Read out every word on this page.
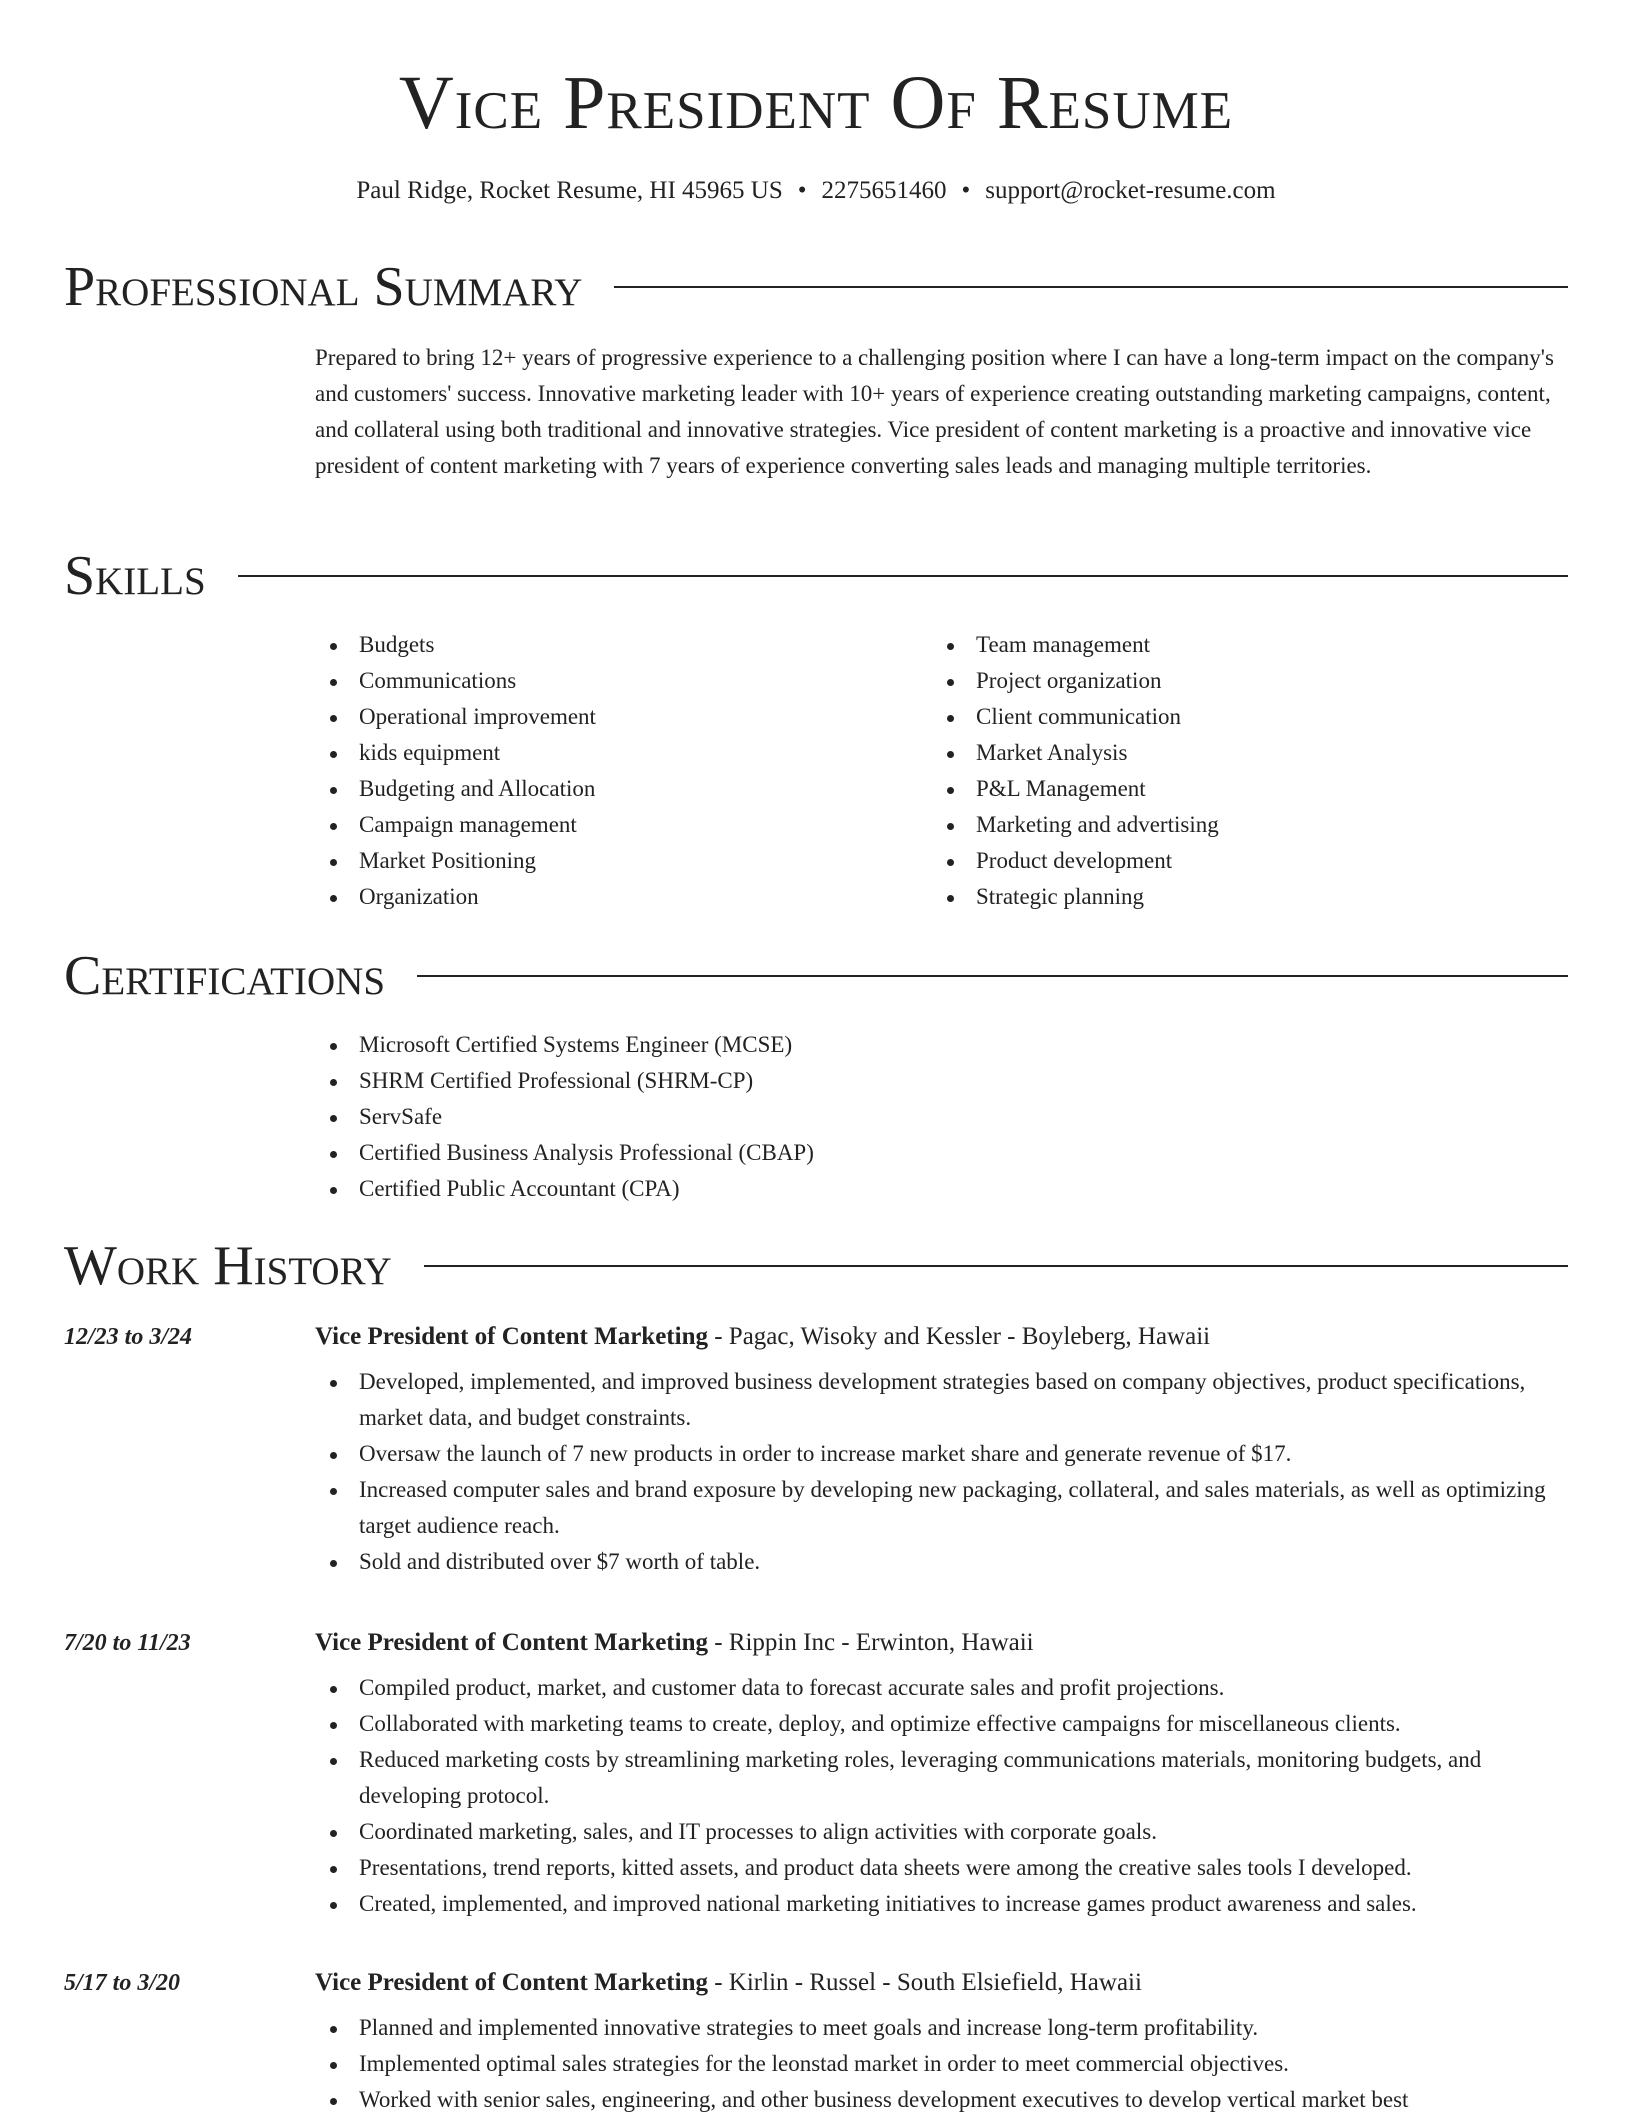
Vice President Of Resume
Paul Ridge, Rocket Resume, HI 45965 US • 2275651460 • support@rocket-resume.com
Professional Summary
Prepared to bring 12+ years of progressive experience to a challenging position where I can have a long-term impact on the company's and customers' success. Innovative marketing leader with 10+ years of experience creating outstanding marketing campaigns, content, and collateral using both traditional and innovative strategies. Vice president of content marketing is a proactive and innovative vice president of content marketing with 7 years of experience converting sales leads and managing multiple territories.
Skills
Budgets
Communications
Operational improvement
kids equipment
Budgeting and Allocation
Campaign management
Market Positioning
Organization
Team management
Project organization
Client communication
Market Analysis
P&L Management
Marketing and advertising
Product development
Strategic planning
Certifications
Microsoft Certified Systems Engineer (MCSE)
SHRM Certified Professional (SHRM-CP)
ServSafe
Certified Business Analysis Professional (CBAP)
Certified Public Accountant (CPA)
Work History
12/23 to 3/24	Vice President of Content Marketing - Pagac, Wisoky and Kessler - Boyleberg, Hawaii
Developed, implemented, and improved business development strategies based on company objectives, product specifications, market data, and budget constraints.
Oversaw the launch of 7 new products in order to increase market share and generate revenue of $17.
Increased computer sales and brand exposure by developing new packaging, collateral, and sales materials, as well as optimizing target audience reach.
Sold and distributed over $7 worth of table.
7/20 to 11/23	Vice President of Content Marketing - Rippin Inc - Erwinton, Hawaii
Compiled product, market, and customer data to forecast accurate sales and profit projections.
Collaborated with marketing teams to create, deploy, and optimize effective campaigns for miscellaneous clients.
Reduced marketing costs by streamlining marketing roles, leveraging communications materials, monitoring budgets, and developing protocol.
Coordinated marketing, sales, and IT processes to align activities with corporate goals.
Presentations, trend reports, kitted assets, and product data sheets were among the creative sales tools I developed.
Created, implemented, and improved national marketing initiatives to increase games product awareness and sales.
5/17 to 3/20	Vice President of Content Marketing - Kirlin - Russel - South Elsiefield, Hawaii
Planned and implemented innovative strategies to meet goals and increase long-term profitability.
Implemented optimal sales strategies for the leonstad market in order to meet commercial objectives.
Worked with senior sales, engineering, and other business development executives to develop vertical market best
